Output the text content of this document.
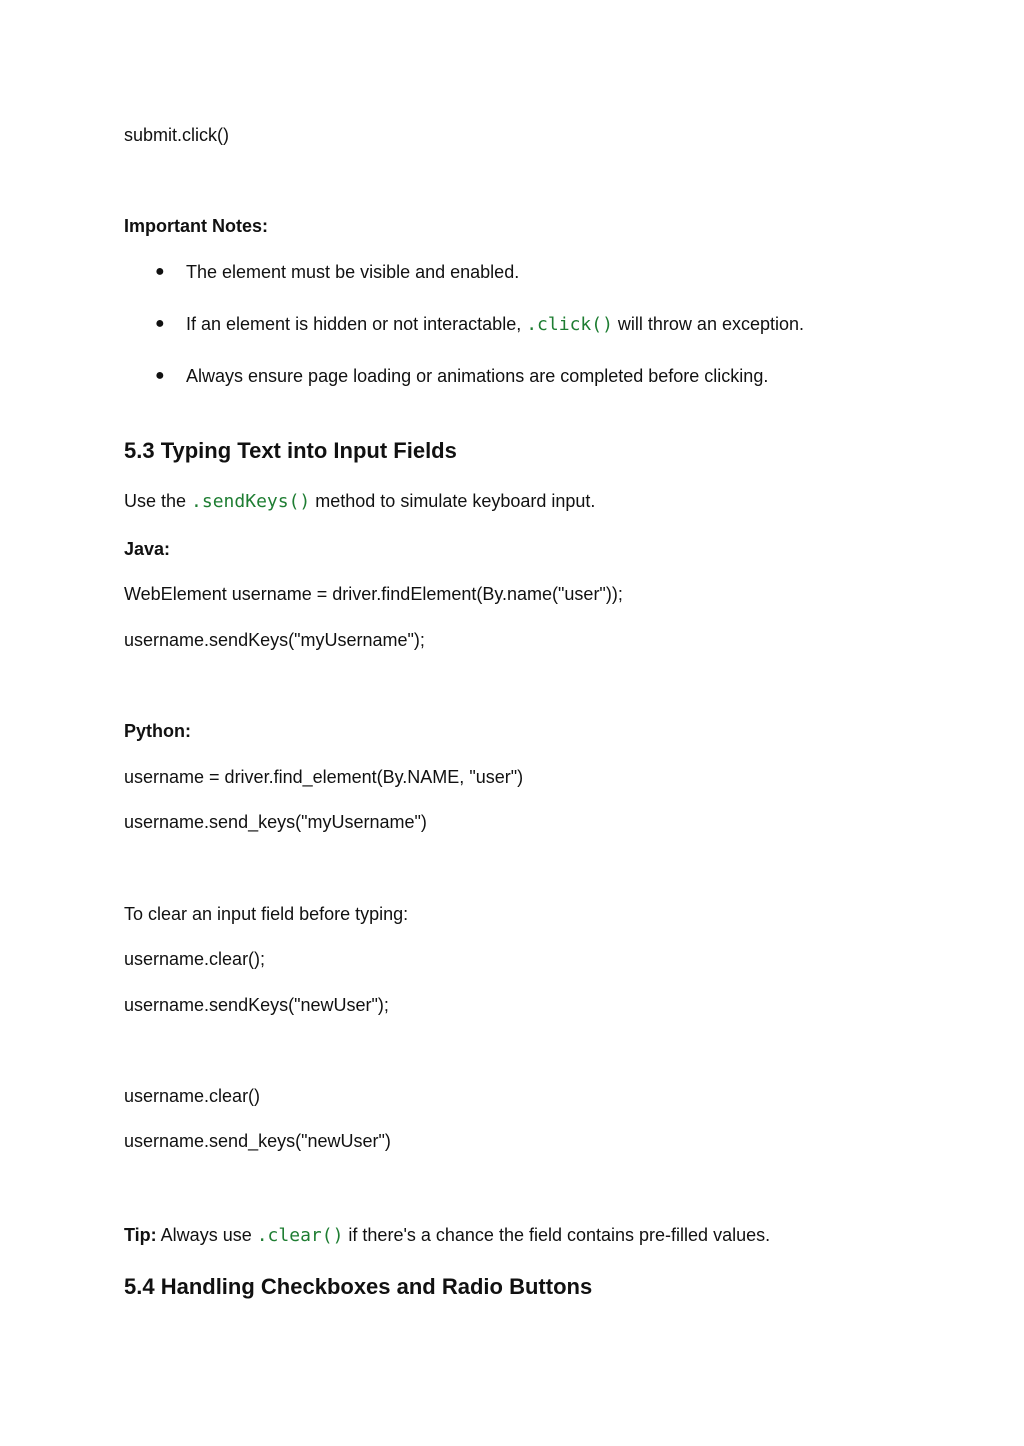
submit.click()
Important Notes:
● The element must be visible and enabled.
● If an element is hidden or not interactable, .click() will throw an exception.
● Always ensure page loading or animations are completed before clicking.
5.3 Typing Text into Input Fields
Use the .sendKeys() method to simulate keyboard input.
Java:
WebElement username = driver.findElement(By.name("user"));
username.sendKeys("myUsername");
Python:
username = driver.find_element(By.NAME, "user")
username.send_keys("myUsername")
To clear an input field before typing:
username.clear();
username.sendKeys("newUser");
username.clear()
username.send_keys("newUser")
Tip: Always use .clear() if there's a chance the field contains pre-filled values.
5.4 Handling Checkboxes and Radio Buttons
